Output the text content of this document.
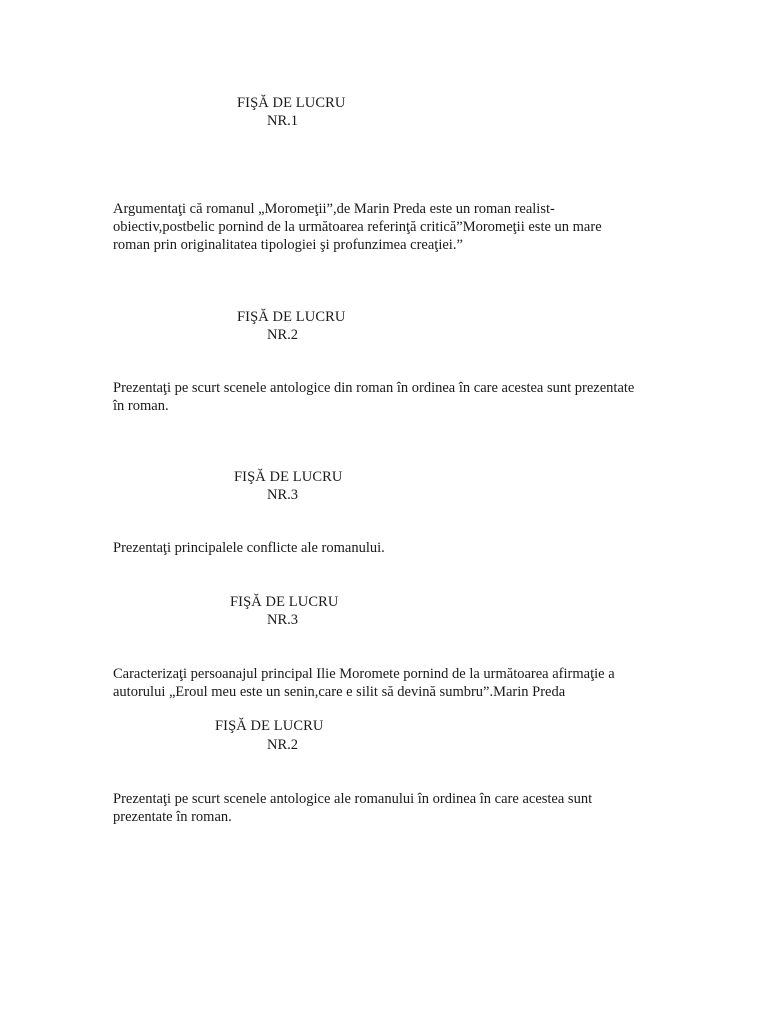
FIŞĂ DE LUCRU
NR.1
Argumentaţi că romanul „Moromeţii”,de Marin Preda este un roman realist-
obiectiv,postbelic pornind de la următoarea referinţă critică”Moromeţii este un mare
roman prin originalitatea tipologiei şi profunzimea creaţiei.”
FIŞĂ DE LUCRU
NR.2
Prezentaţi pe scurt scenele antologice din roman în ordinea în care acestea sunt prezentate
în roman.
FIŞĂ DE LUCRU
NR.3
Prezentaţi principalele conflicte ale romanului.
FIŞĂ DE LUCRU
NR.3
Caracterizaţi persoanajul principal Ilie Moromete pornind de la următoarea afirmaţie a
autorului „Eroul meu este un senin,care e silit să devină sumbru”.Marin Preda
FIŞĂ DE LUCRU
NR.2
Prezentaţi pe scurt scenele antologice ale romanului în ordinea în care acestea sunt
prezentate în roman.
